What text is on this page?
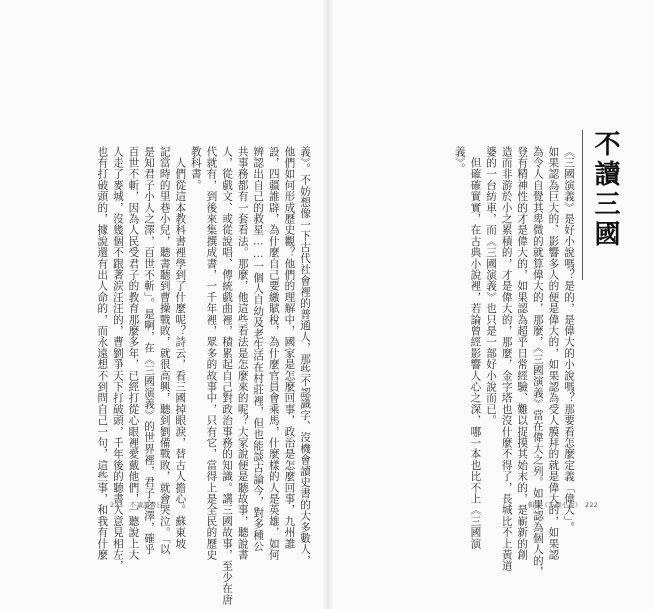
不讀三國
《三國演義》是好小說嗎？是的，是偉大的小說嗎？那要看怎麼定義「偉大」。
如果認為巨大的、影響多人的便是偉大的，如果認為受人膜拜的就是偉大的，如果認
為令人自覺其卑微的就算偉大的，那麼，《三國演義》當在偉大之列。如果認為個人的，
登有精神性的才是偉大的，如果認為超乎日常經驗、難以捉摸其始末的，是嶄新的創
造而非游於小之累積的，才是偉大的，那麼，金字塔也沒什麼不得了，長城比不上黃道
婆的一台紡車，而《三國演義》也只是一部好小說而已。
　但確確實實，在古典小說裡，若論曾經影響人心之深，哪一本也比不上《三國演
義》。
義》。不妨想像一下古代社會裡的普通人，那些不認識字、沒機會讀史書的大多數人，
他們如何形成歷史觀？他們的理解中，國家是怎麼回事，政治是怎麼回事，九州誰
設，四疆誰辟，為什麼自己要繳賦稅，為什麼官員會乘馬，什麼樣的人是英雄，如何
辨認出自己的救星……一個人自幼及老生活在村莊裡，但也能談古論今，對多種公
共事務都有一套看法。那麼，他這些看法是怎麼來的呢？大家說便是聽故事，聽說書
人，從戲文、或從說唱、傳統戲曲裡，積累起自己對政治事務的知識。講三國故事，至少在唐
代就有，到後來集撰成書，一千年裡，眾多的故事中，只有它，當得上是全民的歷史
教科書。
　人們從這本教科書裡學到了什麼呢？詩云，看三國掉眼淚，替古人擔心。蘇東坡
記當時的里巷小兒，聽書聽到曹操戰敗，就很高興，聽到劉備戰敗，就會哭泣。「以
是知君子小人之澤，百世不斬」。是啊，在《三國演義》的世界裡，君子之澤，確乎
百世不斬，因為人民受君子的教育那麼多年，已經打從心眼裡愛戴他們，一聽說上大
人走了麥城，沒幾個不跟著涙汪汪的，曹劉爭天下打破頭，千年後的聽書人意見相左，
也有打破頭的，據說還有出人命的，而永遠想不到問自己一句，這些事，和我有什麼 223　不讀讀書日	輯詩《不讀小說》　222
